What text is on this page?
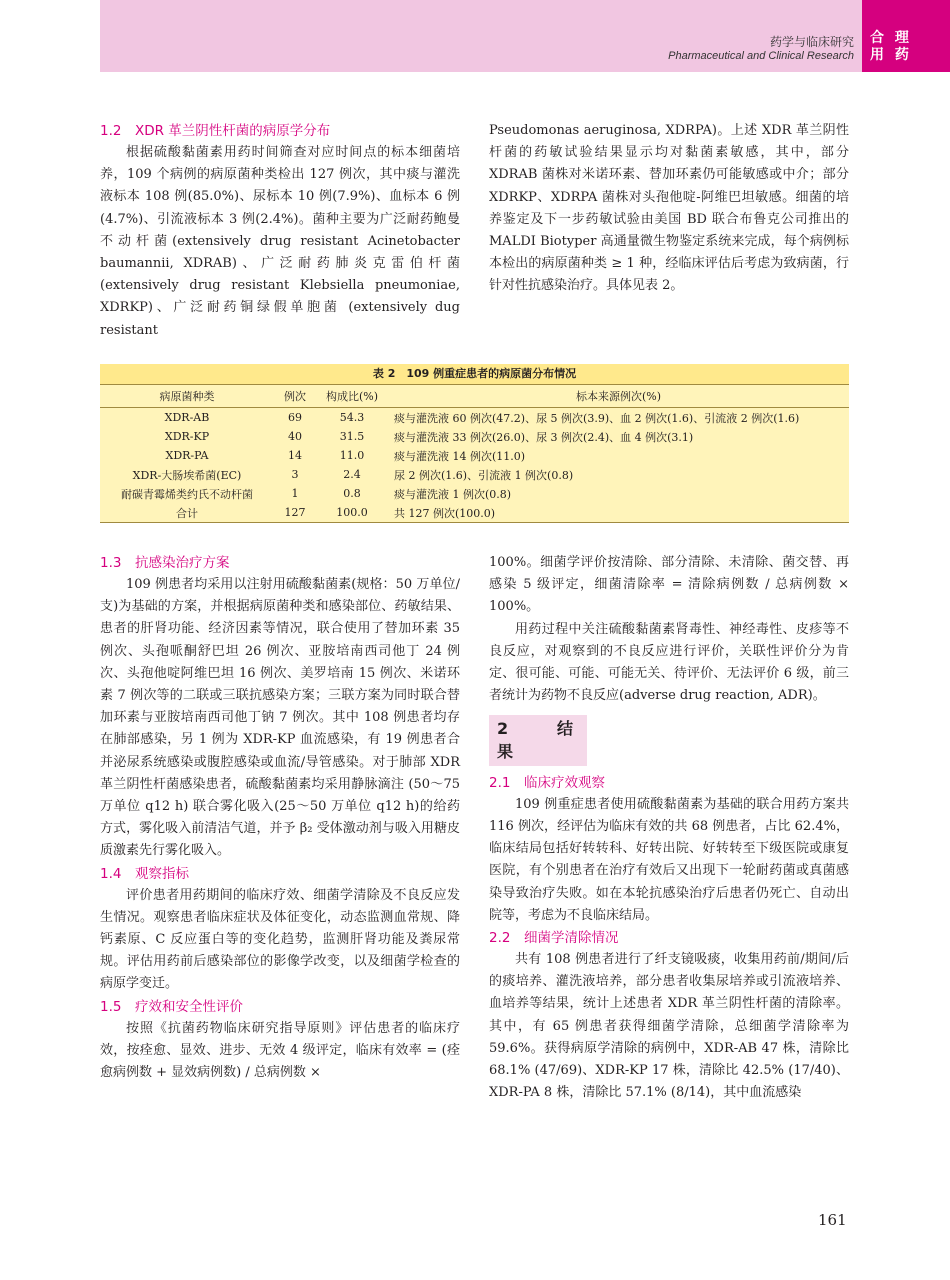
药学与临床研究
Pharmaceutical and Clinical Research
合 理
用 药

1.2　XDR 革兰阴性杆菌的病原学分布

根据硫酸黏菌素用药时间筛查对应时间点的标本细菌培养，109 个病例的病原菌种类检出 127 例次，其中痰与灌洗液标本 108 例(85.0%)、尿标本 10 例(7.9%)、血标本 6 例(4.7%)、引流液标本 3 例(2.4%)。菌种主要为广泛耐药鲍曼不动杆菌(extensively drug resistant Acinetobacter baumannii, XDRAB)、广泛耐药肺炎克雷伯杆菌(extensively drug resistant Klebsiella pneumoniae, XDRKP)、广泛耐药铜绿假单胞菌 (extensively dug resistant

Pseudomonas aeruginosa, XDRPA)。上述 XDR 革兰阴性杆菌的药敏试验结果显示均对黏菌素敏感，其中，部分 XDRAB 菌株对米诺环素、替加环素仍可能敏感或中介；部分 XDRKP、XDRPA 菌株对头孢他啶-阿维巴坦敏感。细菌的培养鉴定及下一步药敏试验由美国 BD 联合布鲁克公司推出的 MALDI Biotyper 高通量微生物鉴定系统来完成，每个病例标本检出的病原菌种类 ≥ 1 种，经临床评估后考虑为致病菌，行针对性抗感染治疗。具体见表 2。

表 2　109 例重症患者的病原菌分布情况
病原菌种类	例次	构成比(%)	标本来源例次(%)
XDR-AB	69	54.3	痰与灌洗液 60 例次(47.2)、尿 5 例次(3.9)、血 2 例次(1.6)、引流液 2 例次(1.6)
XDR-KP	40	31.5	痰与灌洗液 33 例次(26.0)、尿 3 例次(2.4)、血 4 例次(3.1)
XDR-PA	14	11.0	痰与灌洗液 14 例次(11.0)
XDR-大肠埃希菌(EC)	3	2.4	尿 2 例次(1.6)、引流液 1 例次(0.8)
耐碳青霉烯类约氏不动杆菌	1	0.8	痰与灌洗液 1 例次(0.8)
合计	127	100.0	共 127 例次(100.0)

1.3　抗感染治疗方案

109 例患者均采用以注射用硫酸黏菌素(规格：50 万单位/支)为基础的方案，并根据病原菌种类和感染部位、药敏结果、患者的肝肾功能、经济因素等情况，联合使用了替加环素 35 例次、头孢哌酮舒巴坦 26 例次、亚胺培南西司他丁 24 例次、头孢他啶阿维巴坦 16 例次、美罗培南 15 例次、米诺环素 7 例次等的二联或三联抗感染方案；三联方案为同时联合替加环素与亚胺培南西司他丁钠 7 例次。其中 108 例患者均存在肺部感染，另 1 例为 XDR-KP 血流感染，有 19 例患者合并泌尿系统感染或腹腔感染或血流/导管感染。对于肺部 XDR 革兰阴性杆菌感染患者，硫酸黏菌素均采用静脉滴注 (50～75 万单位 q12 h) 联合雾化吸入(25～50 万单位 q12 h)的给药方式，雾化吸入前清洁气道，并予 β₂ 受体激动剂与吸入用糖皮质激素先行雾化吸入。

1.4　观察指标

评价患者用药期间的临床疗效、细菌学清除及不良反应发生情况。观察患者临床症状及体征变化，动态监测血常规、降钙素原、C 反应蛋白等的变化趋势，监测肝肾功能及粪尿常规。评估用药前后感染部位的影像学改变，以及细菌学检查的病原学变迁。

1.5　疗效和安全性评价

按照《抗菌药物临床研究指导原则》评估患者的临床疗效，按痊愈、显效、进步、无效 4 级评定，临床有效率 = (痊愈病例数 + 显效病例数) / 总病例数 ×

100%。细菌学评价按清除、部分清除、未清除、菌交替、再感染 5 级评定，细菌清除率 = 清除病例数 / 总病例数 × 100%。

用药过程中关注硫酸黏菌素肾毒性、神经毒性、皮疹等不良反应，对观察到的不良反应进行评价，关联性评价分为肯定、很可能、可能、可能无关、待评价、无法评价 6 级，前三者统计为药物不良反应(adverse drug reaction, ADR)。

2　结　果

2.1　临床疗效观察

109 例重症患者使用硫酸黏菌素为基础的联合用药方案共 116 例次，经评估为临床有效的共 68 例患者，占比 62.4%，临床结局包括好转转科、好转出院、好转转至下级医院或康复医院，有个别患者在治疗有效后又出现下一轮耐药菌或真菌感染导致治疗失败。如在本轮抗感染治疗后患者仍死亡、自动出院等，考虑为不良临床结局。

2.2　细菌学清除情况

共有 108 例患者进行了纤支镜吸痰，收集用药前/期间/后的痰培养、灌洗液培养，部分患者收集尿培养或引流液培养、血培养等结果，统计上述患者 XDR 革兰阴性杆菌的清除率。其中，有 65 例患者获得细菌学清除，总细菌学清除率为 59.6%。获得病原学清除的病例中，XDR-AB 47 株，清除比 68.1% (47/69)、XDR-KP 17 株，清除比 42.5% (17/40)、XDR-PA 8 株，清除比 57.1% (8/14)，其中血流感染

161
